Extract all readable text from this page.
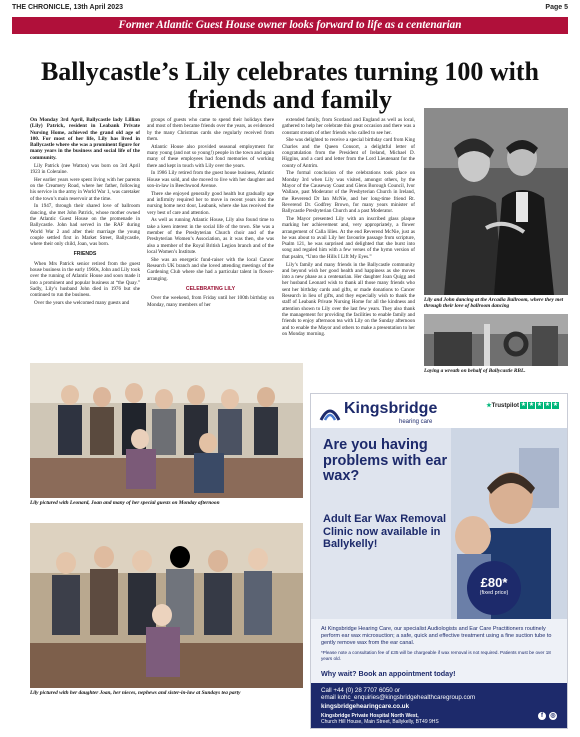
THE CHRONICLE, 13th April 2023	Page 5
Former Atlantic Guest House owner looks forward to life as a centenarian
Ballycastle’s Lily celebrates turning 100 with friends and family

On Monday 3rd April, Ballycastle lady Lillian (Lily) Patrick, resident in Leabank Private Nursing Home, achieved the grand old age of 100. For most of her life, Lily has lived in Ballycastle where she was a prominent figure for many years in the business and social life of the community.

Lily Patrick (nee Watton) was born on 3rd April 1923 in Coleraine.

Her earlier years were spent living with her parents on the Creamery Road, where her father, following his service in the army in World War 1, was caretaker of the town’s main reservoir at the time.

In 1947, through their shared love of ballroom dancing, she met John Patrick, whose mother owned the Atlantic Guest House on the promenade in Ballycastle. John had served in the RAF during World War 2 and after their marriage the young couple settled first in Market Street, Ballycastle, where their only child, Joan, was born.

FRIENDS

When Mrs Patrick senior retired from the guest house business in the early 1960s, John and Lily took over the running of Atlantic House and soon made it into a prominent and popular business at “the Quay.” Sadly, Lily’s husband John died in 1976 but she continued to run the business.

Over the years she welcomed many guests and

groups of guests who came to spend their holidays there and most of them became friends over the years, as evidenced by the many Christmas cards she regularly received from them.

Atlantic House also provided seasonal employment for many young (and not so young!) people in the town and again many of these employees had fond memories of working there and kept in touch with Lily over the years.

In 1986 Lily retired from the guest house business, Atlantic House was sold, and she moved to live with her daughter and son-in-law in Beechwood Avenue.

There she enjoyed generally good health but gradually age and infirmity required her to move in recent years into the nursing home next door, Leabank, where she has received the very best of care and attention.

As well as running Atlantic House, Lily also found time to take a keen interest in the social life of the town. She was a member of the Presbyterian Church choir and of the Presbyterian Women’s Association, as it was then, she was also a member of the Royal British Legion branch and of the local Women’s Institute.

She was an energetic fund-raiser with the local Cancer Research UK branch and she loved attending meetings of the Gardening Club where she had a particular talent in flower-arranging.

CELEBRATING LILY

Over the weekend, from Friday until her 100th birthday on Monday, many members of her

extended family, from Scotland and England as well as local, gathered to help her celebrate this great occasion and there was a constant stream of other friends who called to see her.

She was delighted to receive a special birthday card from King Charles and the Queen Consort, a delightful letter of congratulation from the President of Ireland, Michael D. Higgins, and a card and letter from the Lord Lieutenant for the county of Antrim.

The formal conclusion of the celebrations took place on Monday 3rd when Lily was visited, amongst others, by the Mayor of the Causeway Coast and Glens Borough Council, Ivor Wallace, past Moderator of the Presbyterian Church in Ireland, the Reverend Dr Ian McNie, and her long-time friend Rt. Reverend Dr. Godfrey Brown, for many years minister of Ballycastle Presbyterian Church and a past Moderator.

The Mayor presented Lily with an inscribed glass plaque marking her achievement and, very appropriately, a flower arrangement of Calla lilies. At the end Reverend McNie, just as he was about to avail Lily her favourite passage from scripture, Psalm 121, he was surprised and delighted that she burst into song and regaled him with a few verses of the hymn version of that psalm, “Unto the Hills I Lift My Eyes.”

Lily’s family and many friends in the Ballycastle community and beyond wish her good health and happiness as she moves into a new phase as a centenarian. Her daughter Joan Quigg and her husband Leonard wish to thank all those many friends who sent her birthday cards and gifts, or made donations to Cancer Research in lieu of gifts, and they especially wish to thank the staff of Leabank Private Nursing Home for all the kindness and attention shown to Lily over the last few years. They also thank the management for providing the facilities to enable family and friends to enjoy afternoon tea with Lily on the Sunday afternoon and to enable the Mayor and others to make a presentation to her on Monday morning.

Lily and John dancing at the Arcadia Ballroom, where they met through their love of ballroom dancing
Laying a wreath on behalf of Ballycastle RBL.
Lily pictured with Leonard, Joan and many of her special guests on Monday afternoon
Lily pictured with her daughter Joan, her nieces, nephews and sister-in-law at Sundays tea party
Kingsbridge
hearing care
★Trustpilot ★ ★ ★ ★ ★
Are you having problems with ear wax?
Adult Ear Wax Removal Clinic now available in Ballykelly!
£80*
(fixed price)
At Kingsbridge Hearing Care, our specialist Audiologists and Ear Care Practitioners routinely perform ear wax microsuction; a safe, quick and effective treatment using a fine suction tube to gently remove wax from the ear canal.
*Please note a consultation fee of £35 will be chargeable if wax removal is not required. Patients must be over 18 years old.
Why wait? Book an appointment today!
Call +44 (0) 28 7707 6050 or
email kohc_enquiries@kingsbridgehealthcaregroup.com
kingsbridgehearingcare.co.uk
Kingsbridge Private Hospital North West,
Church Hill House, Main Street, Ballykelly, BT49 9HS
f	◎
